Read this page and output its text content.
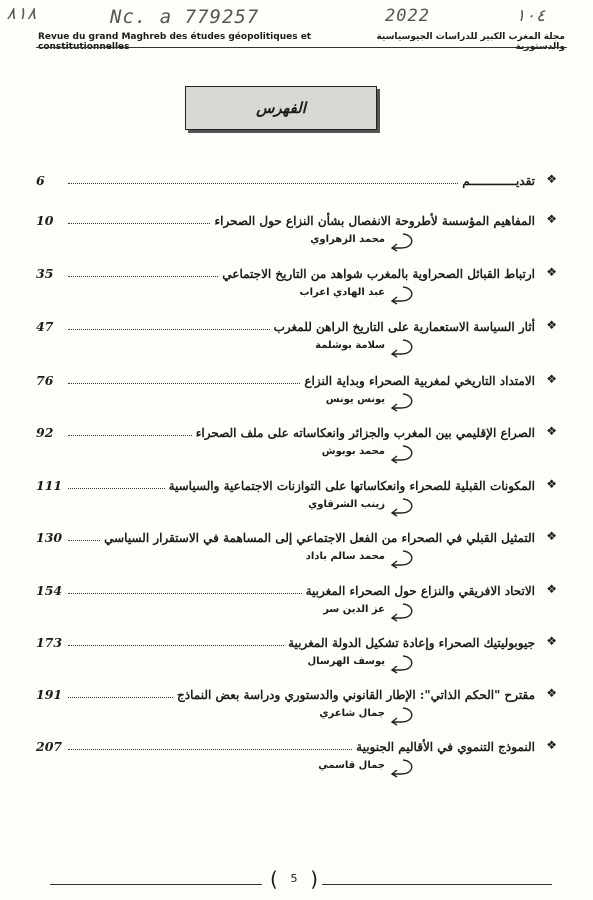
٨١٨	Nc. a 779257	2022	١٠٤
Revue du grand Maghreb des études géopolitiques et constitutionnelles
مجلة المغرب الكبير للدراسات الجيوسياسية والدستورية
الفهرس
6	تقديـــــــــــــم ❖
10	المفاهيم المؤسسة لأطروحة الانفصال بشأن النزاع حول الصحراء ❖
محمد الزهراوي
35	ارتباط القبائل الصحراوية بالمغرب شواهد من التاريخ الاجتماعي ❖
عبد الهادي اعراب
47	أثار السياسة الاستعمارية على التاريخ الراهن للمغرب ❖
سلامة بوشلمة
76	الامتداد التاريخي لمغربية الصحراء وبداية النزاع ❖
يونس يونس
92	الصراع الإقليمي بين المغرب والجزائر وانعكاساته على ملف الصحراء ❖
محمد بوبوش
111	المكونات القبلية للصحراء وانعكاساتها على التوازنات الاجتماعية والسياسية ❖
زينب الشرقاوي
130	التمثيل القبلي في الصحراء من الفعل الاجتماعي إلى المساهمة في الاستقرار السياسي ❖
محمد سالم باداد
154	الاتحاد الافريقي والنزاع حول الصحراء المغربية ❖
عز الدين سر
173	جيوبوليتيك الصحراء وإعادة تشكيل الدولة المغربية ❖
يوسف الهرسال
191	مقترح "الحكم الذاتي": الإطار القانوني والدستوري ودراسة بعض النماذج ❖
جمال شاعري
207	النموذج التنموي في الأقاليم الجنوبية ❖
جمال قاسمي
( 5 )
